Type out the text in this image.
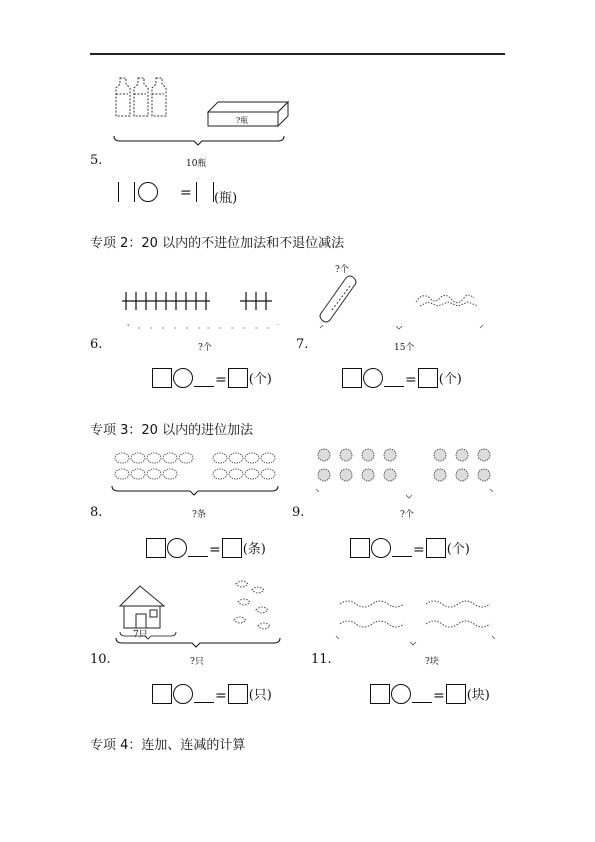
?瓶
5.	10瓶
= (瓶)
专项 2：20 以内的不进位加法和不退位减法
6.	?个
= (个)
?个
7.	15个
= (个)
专项 3：20 以内的进位加法
8.	?条
= (条)
9.	?个
= (个)
7只
10.	?只
= (只)
11.	?块
= (块)
专项 4：连加、连减的计算
